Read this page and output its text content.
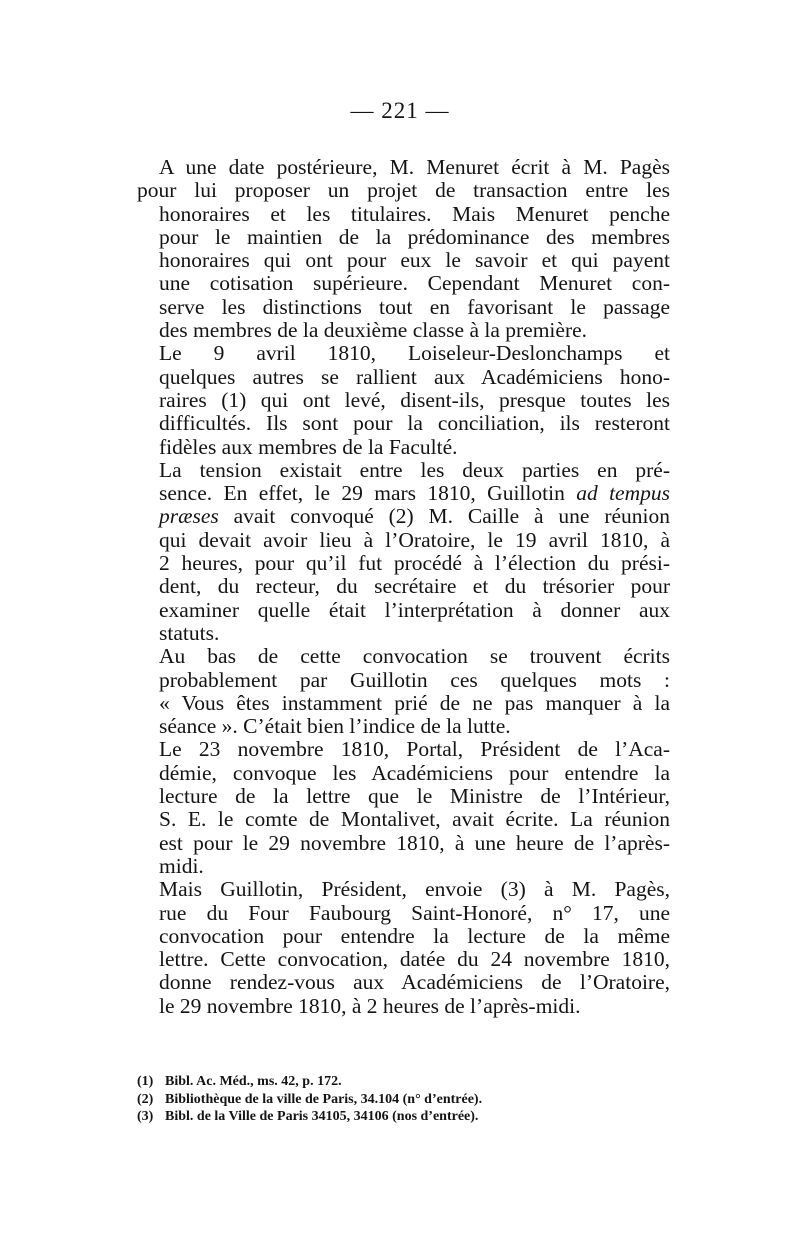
— 221 —

A une date postérieure, M. Menuret écrit à M. Pagès
pour lui proposer un projet de transaction entre les
honoraires et les titulaires. Mais Menuret penche
pour le maintien de la prédominance des membres
honoraires qui ont pour eux le savoir et qui payent
une cotisation supérieure. Cependant Menuret con-
serve les distinctions tout en favorisant le passage
des membres de la deuxième classe à la première.

Le 9 avril 1810, Loiseleur-Deslonchamps et
quelques autres se rallient aux Académiciens hono-
raires (1) qui ont levé, disent-ils, presque toutes les
difficultés. Ils sont pour la conciliation, ils resteront
fidèles aux membres de la Faculté.

La tension existait entre les deux parties en pré-
sence. En effet, le 29 mars 1810, Guillotin ad tempus
præses avait convoqué (2) M. Caille à une réunion
qui devait avoir lieu à l’Oratoire, le 19 avril 1810, à
2 heures, pour qu’il fut procédé à l’élection du prési-
dent, du recteur, du secrétaire et du trésorier pour
examiner quelle était l’interprétation à donner aux
statuts.

Au bas de cette convocation se trouvent écrits
probablement par Guillotin ces quelques mots :
« Vous êtes instamment prié de ne pas manquer à la
séance ». C’était bien l’indice de la lutte.

Le 23 novembre 1810, Portal, Président de l’Aca-
démie, convoque les Académiciens pour entendre la
lecture de la lettre que le Ministre de l’Intérieur,
S. E. le comte de Montalivet, avait écrite. La réunion
est pour le 29 novembre 1810, à une heure de l’après-
midi.

Mais Guillotin, Président, envoie (3) à M. Pagès,
rue du Four Faubourg Saint-Honoré, n° 17, une
convocation pour entendre la lecture de la même
lettre. Cette convocation, datée du 24 novembre 1810,
donne rendez-vous aux Académiciens de l’Oratoire,
le 29 novembre 1810, à 2 heures de l’après-midi.

(1) Bibl. Ac. Méd., ms. 42, p. 172.

(2) Bibliothèque de la ville de Paris, 34.104 (n° d’entrée).

(3) Bibl. de la Ville de Paris 34105, 34106 (nos d’entrée).
